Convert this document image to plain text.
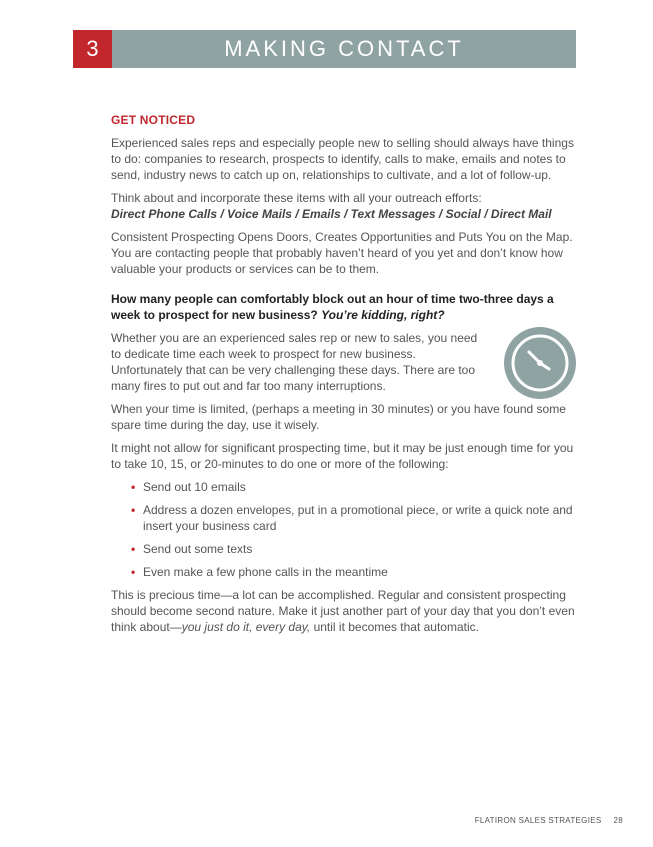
3	MAKING CONTACT
GET NOTICED

Experienced sales reps and especially people new to selling should always have things to do: companies to research, prospects to identify, calls to make, emails and notes to send, industry news to catch up on, relationships to cultivate, and a lot of follow-up.

Think about and incorporate these items with all your outreach efforts:
Direct Phone Calls / Voice Mails / Emails / Text Messages / Social / Direct Mail

Consistent Prospecting Opens Doors, Creates Opportunities and Puts You on the Map. You are contacting people that probably haven’t heard of you yet and don’t know how valuable your products or services can be to them.

How many people can comfortably block out an hour of time two-three days a week to prospect for new business? You’re kidding, right?

Whether you are an experienced sales rep or new to sales, you need to dedicate time each week to prospect for new business. Unfortunately that can be very challenging these days. There are too many fires to put out and far too many interruptions.

When your time is limited, (perhaps a meeting in 30 minutes) or you have found some spare time during the day, use it wisely.

It might not allow for significant prospecting time, but it may be just enough time for you to take 10, 15, or 20-minutes to do one or more of the following:

• Send out 10 emails
• Address a dozen envelopes, put in a promotional piece, or write a quick note and insert your business card
• Send out some texts
• Even make a few phone calls in the meantime

This is precious time—a lot can be accomplished. Regular and consistent prospecting should become second nature. Make it just another part of your day that you don’t even think about—you just do it, every day, until it becomes that automatic.

FLATIRON SALES STRATEGIES 28
